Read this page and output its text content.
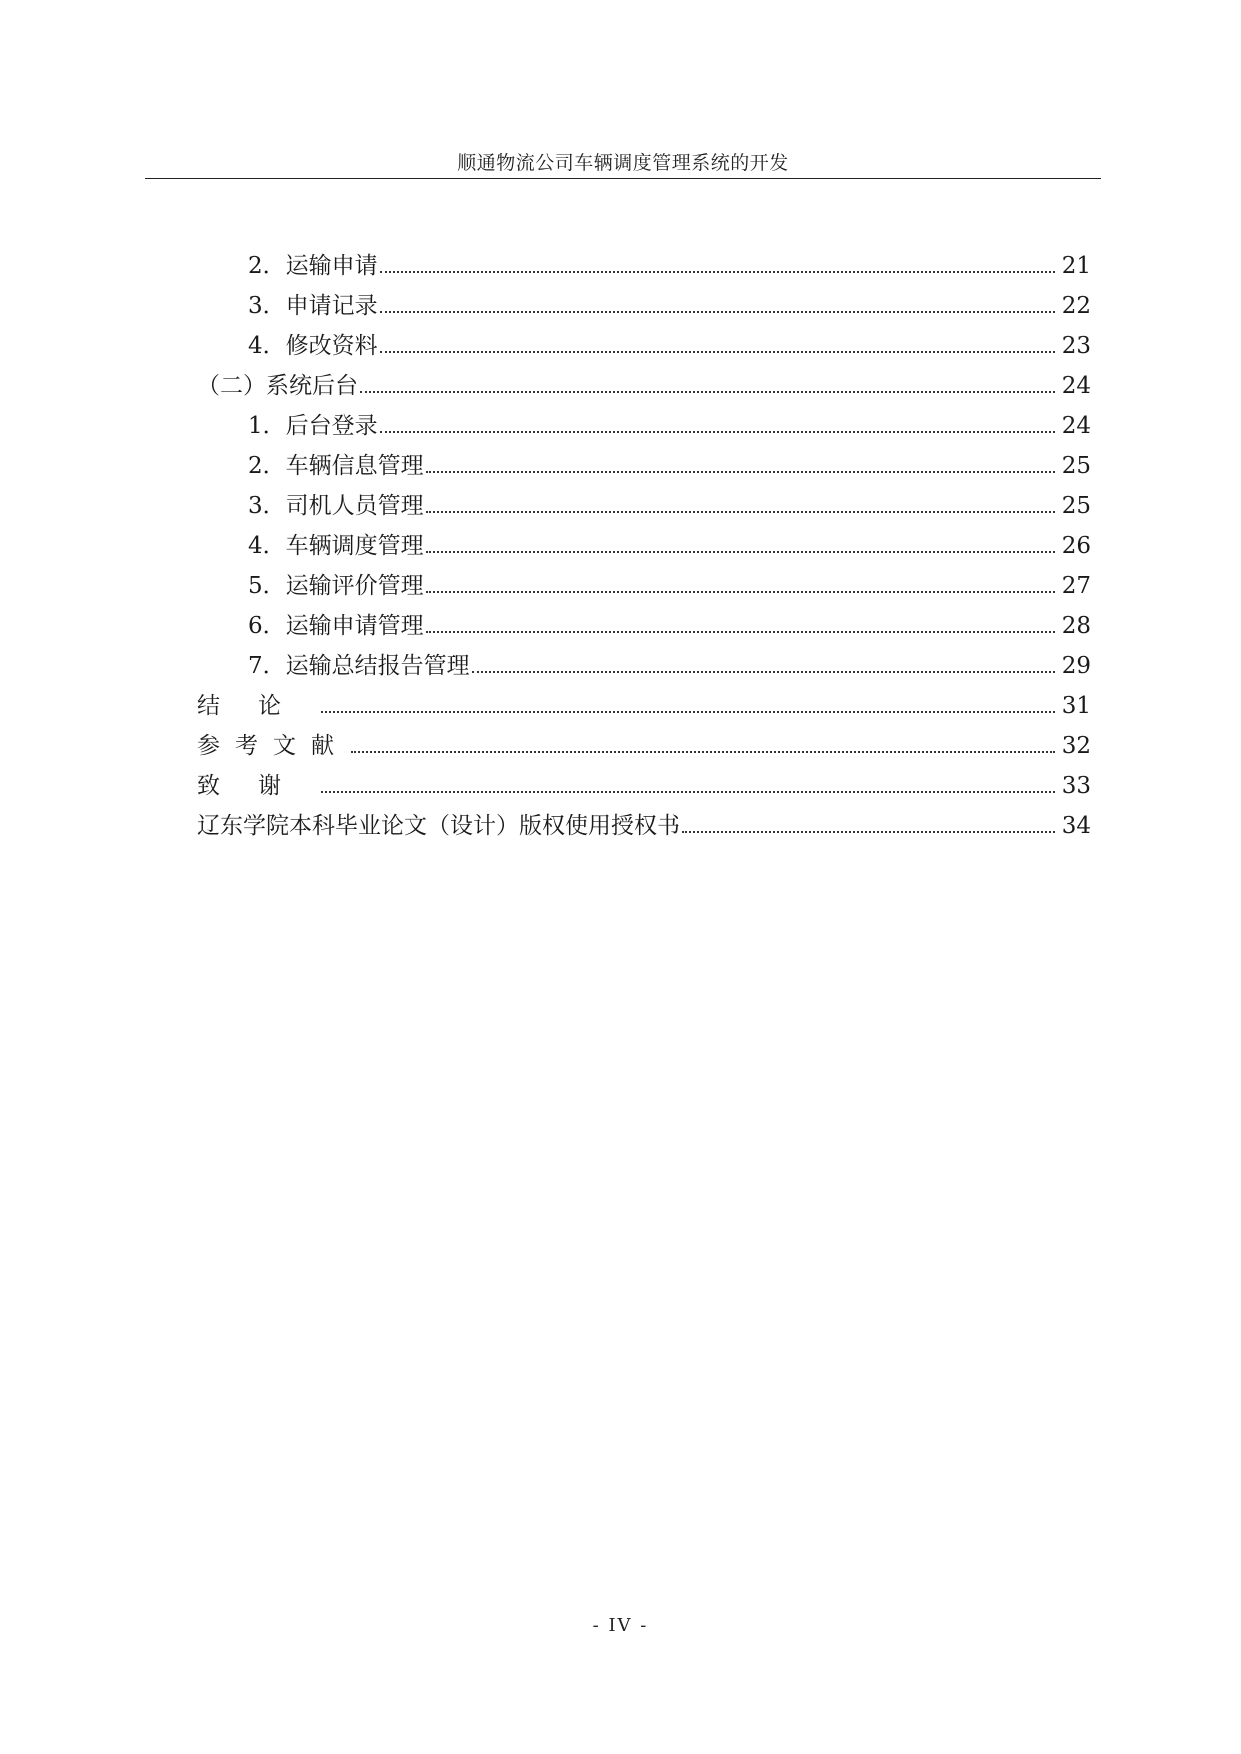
顺通物流公司车辆调度管理系统的开发
2． 运输申请	21
3． 申请记录	22
4． 修改资料	23
（二）系统后台	24
1． 后台登录	24
2． 车辆信息管理	25
3． 司机人员管理	25
4． 车辆调度管理	26
5． 运输评价管理	27
6． 运输申请管理	28
7． 运输总结报告管理	29
结论	31
参考文献	32
致谢	33
辽东学院本科毕业论文（设计）版权使用授权书	34
- IV -
